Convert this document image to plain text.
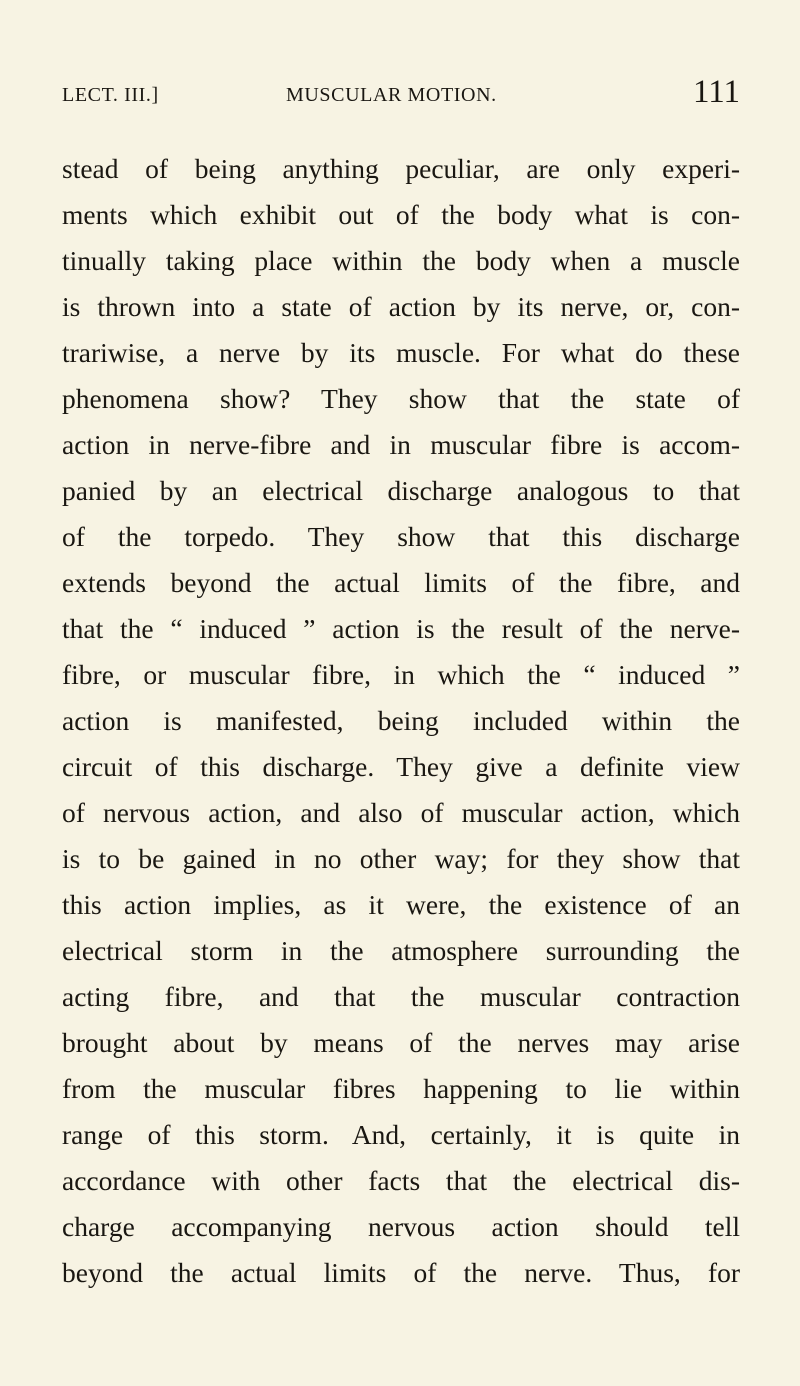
LECT. III.]	MUSCULAR MOTION.	111
stead of being anything peculiar, are only experi-
ments which exhibit out of the body what is con-
tinually taking place within the body when a muscle
is thrown into a state of action by its nerve, or, con-
trariwise, a nerve by its muscle. For what do these
phenomena show? They show that the state of
action in nerve-fibre and in muscular fibre is accom-
panied by an electrical discharge analogous to that
of the torpedo. They show that this discharge
extends beyond the actual limits of the fibre, and
that the “ induced ” action is the result of the nerve-
fibre, or muscular fibre, in which the “ induced ”
action is manifested, being included within the
circuit of this discharge. They give a definite view
of nervous action, and also of muscular action, which
is to be gained in no other way; for they show that
this action implies, as it were, the existence of an
electrical storm in the atmosphere surrounding the
acting fibre, and that the muscular contraction
brought about by means of the nerves may arise
from the muscular fibres happening to lie within
range of this storm. And, certainly, it is quite in
accordance with other facts that the electrical dis-
charge accompanying nervous action should tell
beyond the actual limits of the nerve. Thus, for
